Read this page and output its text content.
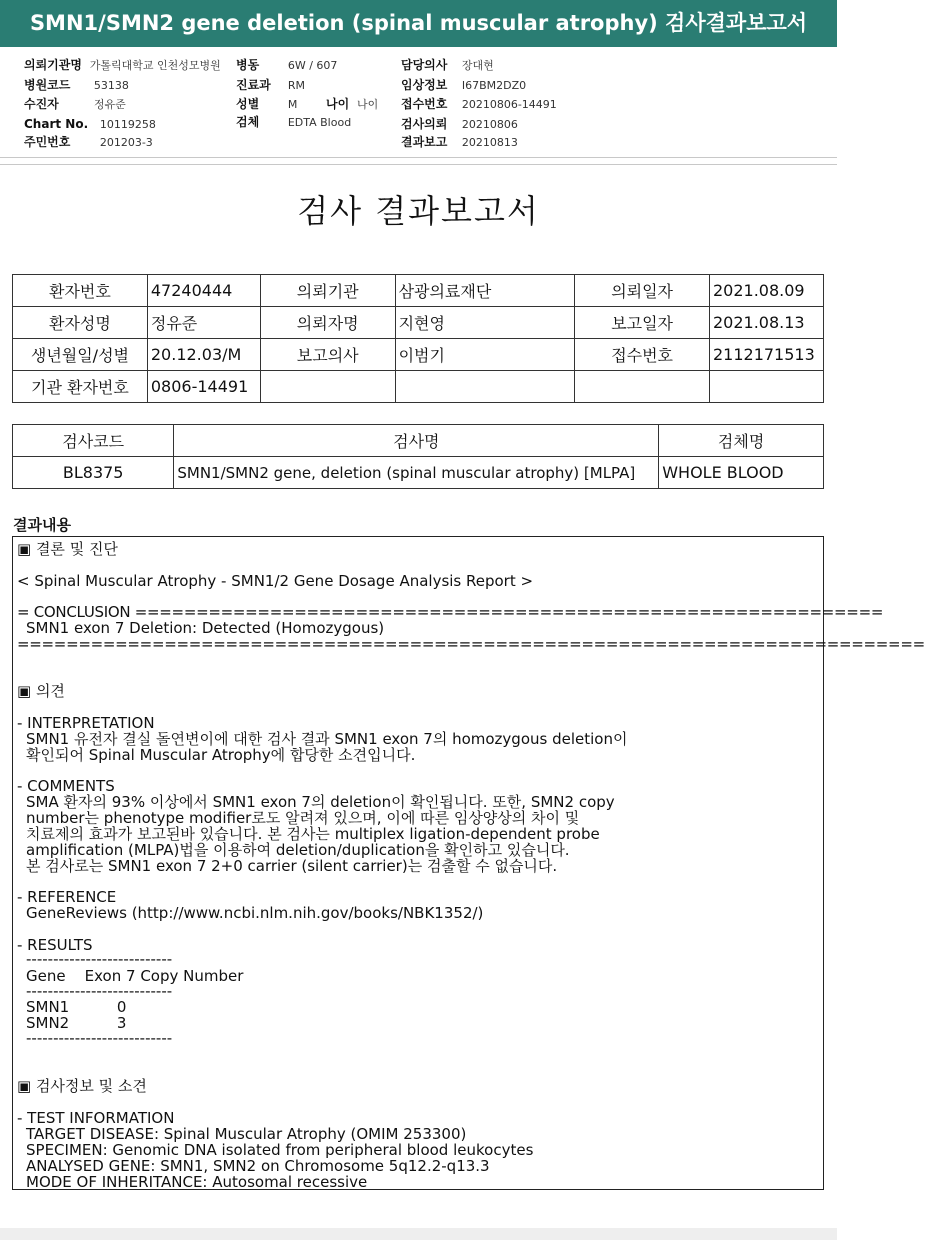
SMN1/SMN2 gene deletion (spinal muscular atrophy) 검사결과보고서
의뢰기관명 가톨릭대학교 인천성모병원
병원코드 53138
수진자	정유준
Chart No. 10119258
주민번호	201203-3
병동	6W / 607
진료과 RM
성별	M 나이 나이
검체	EDTA Blood
담당의사 장대현
임상정보 I67BM2DZ0
접수번호 20210806-14491
검사의뢰 20210806
결과보고 20210813
검사 결과보고서
환자번호	47240444	의뢰기관	삼광의료재단	의뢰일자	2021.08.09
환자성명	정유준	의뢰자명	지현영	보고일자	2021.08.13
생년월일/성별	20.12.03/M	보고의사	이범기	접수번호	2112171513
기관 환자번호	0806-14491				
검사코드	검사명	검체명
BL8375	SMN1/SMN2 gene, deletion (spinal muscular atrophy) [MLPA]	WHOLE BLOOD
결과내용
▣ 결론 및 진단
< Spinal Muscular Atrophy - SMN1/2 Gene Dosage Analysis Report >
= CONCLUSION =============================================================
SMN1 exon 7 Deletion: Detected (Homozygous)
==========================================================================
▣ 의견
- INTERPRETATION
SMN1 유전자 결실 돌연변이에 대한 검사 결과 SMN1 exon 7의 homozygous deletion이
확인되어 Spinal Muscular Atrophy에 합당한 소견입니다.
- COMMENTS
SMA 환자의 93% 이상에서 SMN1 exon 7의 deletion이 확인됩니다. 또한, SMN2 copy
number는 phenotype modifier로도 알려져 있으며, 이에 따른 임상양상의 차이 및
치료제의 효과가 보고된바 있습니다. 본 검사는 multiplex ligation-dependent probe
amplification (MLPA)법을 이용하여 deletion/duplication을 확인하고 있습니다.
본 검사로는 SMN1 exon 7 2+0 carrier (silent carrier)는 검출할 수 없습니다.
- REFERENCE
GeneReviews (http://www.ncbi.nlm.nih.gov/books/NBK1352/)
- RESULTS
---------------------------
Gene    Exon 7 Copy Number
---------------------------
SMN1          0
SMN2          3
---------------------------
▣ 검사정보 및 소견
- TEST INFORMATION
TARGET DISEASE: Spinal Muscular Atrophy (OMIM 253300)
SPECIMEN: Genomic DNA isolated from peripheral blood leukocytes
ANALYSED GENE: SMN1, SMN2 on Chromosome 5q12.2-q13.3
MODE OF INHERITANCE: Autosomal recessive
